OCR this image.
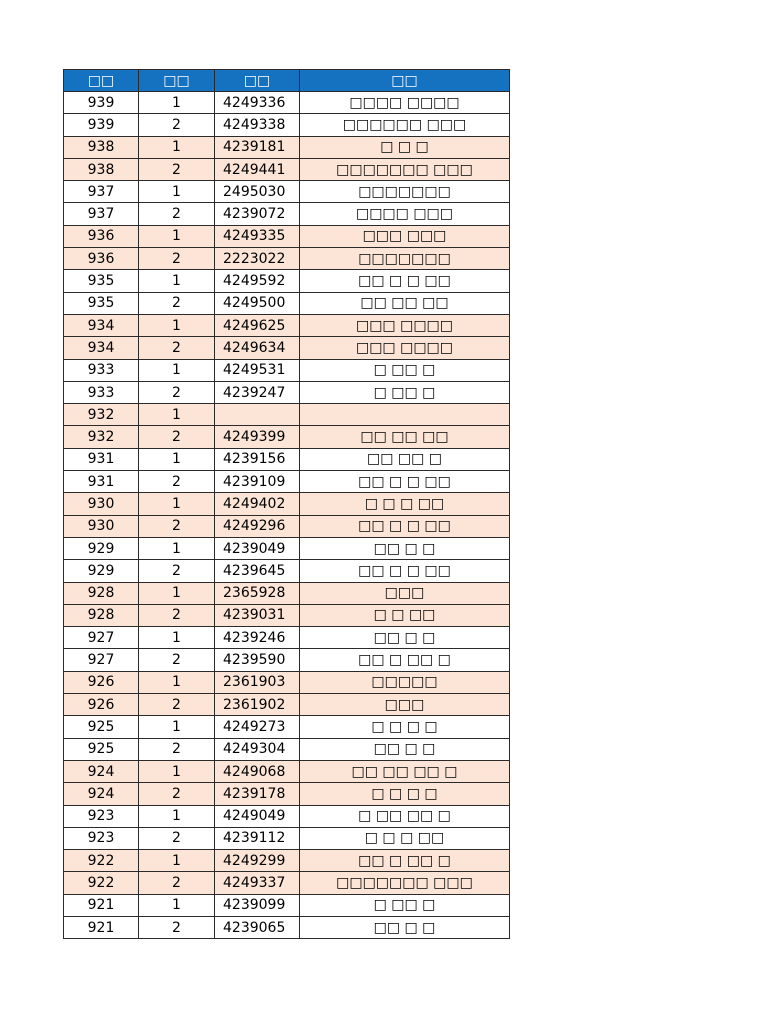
□□	□□	□□	□□
939	1	4249336	□□□□ □□□□
939	2	4249338	□□□□□□ □□□
938	1	4239181	□ □ □
938	2	4249441	□□□□□□□ □□□
937	1	2495030	□□□□□□□
937	2	4239072	□□□□ □□□
936	1	4249335	□□□ □□□
936	2	2223022	□□□□□□□
935	1	4249592	□□ □ □ □□
935	2	4249500	□□ □□ □□
934	1	4249625	□□□ □□□□
934	2	4249634	□□□ □□□□
933	1	4249531	□ □□ □
933	2	4239247	□ □□ □
932	1		
932	2	4249399	□□ □□ □□
931	1	4239156	□□ □□ □
931	2	4239109	□□ □ □ □□
930	1	4249402	□ □ □ □□
930	2	4249296	□□ □ □ □□
929	1	4239049	□□ □ □
929	2	4239645	□□ □ □ □□
928	1	2365928	□□□
928	2	4239031	□ □ □□
927	1	4239246	□□ □ □
927	2	4239590	□□ □ □□ □
926	1	2361903	□□□□□
926	2	2361902	□□□
925	1	4249273	□ □ □ □
925	2	4249304	□□ □ □
924	1	4249068	□□ □□ □□ □
924	2	4239178	□ □ □ □
923	1	4249049	□ □□ □□ □
923	2	4239112	□ □ □ □□
922	1	4249299	□□ □ □□ □
922	2	4249337	□□□□□□□ □□□
921	1	4239099	□ □□ □
921	2	4239065	□□ □ □
